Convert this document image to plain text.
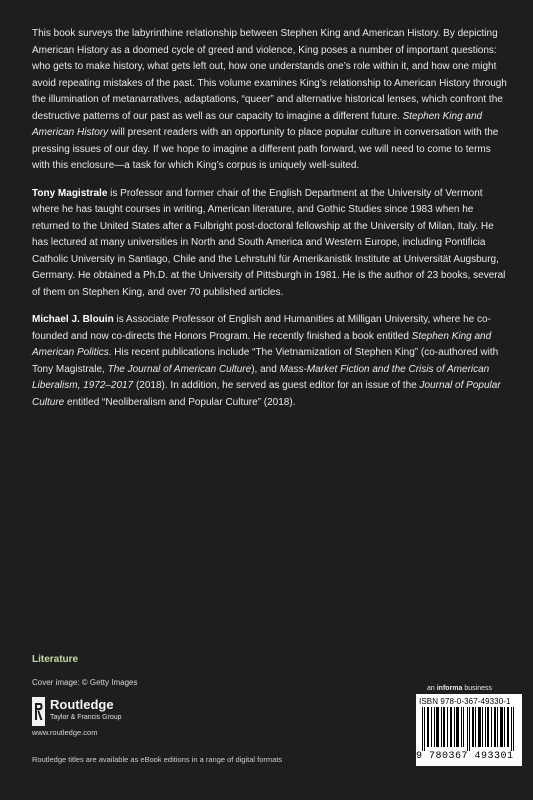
This book surveys the labyrinthine relationship between Stephen King and American History. By depicting American History as a doomed cycle of greed and violence, King poses a number of important questions: who gets to make history, what gets left out, how one understands one’s role within it, and how one might avoid repeating mistakes of the past. This volume examines King’s relationship to American History through the illumination of metanarratives, adaptations, “queer” and alternative historical lenses, which confront the destructive patterns of our past as well as our capacity to imagine a different future. Stephen King and American History will present readers with an opportunity to place popular culture in conversation with the pressing issues of our day. If we hope to imagine a different path forward, we will need to come to terms with this enclosure—a task for which King’s corpus is uniquely well-suited.

Tony Magistrale is Professor and former chair of the English Department at the University of Vermont where he has taught courses in writing, American literature, and Gothic Studies since 1983 when he returned to the United States after a Fulbright post-doctoral fellowship at the University of Milan, Italy. He has lectured at many universities in North and South America and Western Europe, including Pontificia Catholic University in Santiago, Chile and the Lehrstuhl für Amerikanistik Institute at Universität Augsburg, Germany. He obtained a Ph.D. at the University of Pittsburgh in 1981. He is the author of 23 books, several of them on Stephen King, and over 70 published articles.

Michael J. Blouin is Associate Professor of English and Humanities at Milligan University, where he co-founded and now co-directs the Honors Program. He recently finished a book entitled Stephen King and American Politics. His recent publications include “The Vietnamization of Stephen King” (co-authored with Tony Magistrale, The Journal of American Culture), and Mass-Market Fiction and the Crisis of American Liberalism, 1972–2017 (2018). In addition, he served as guest editor for an issue of the Journal of Popular Culture entitled “Neoliberalism and Popular Culture” (2018).

Literature
Cover image: © Getty Images
Routledge
Taylor & Francis Group
www.routledge.com
Routledge titles are available as eBook editions in a range of digital formats
an informa business
ISBN 978-0-367-49330-1
9 780367 493301
